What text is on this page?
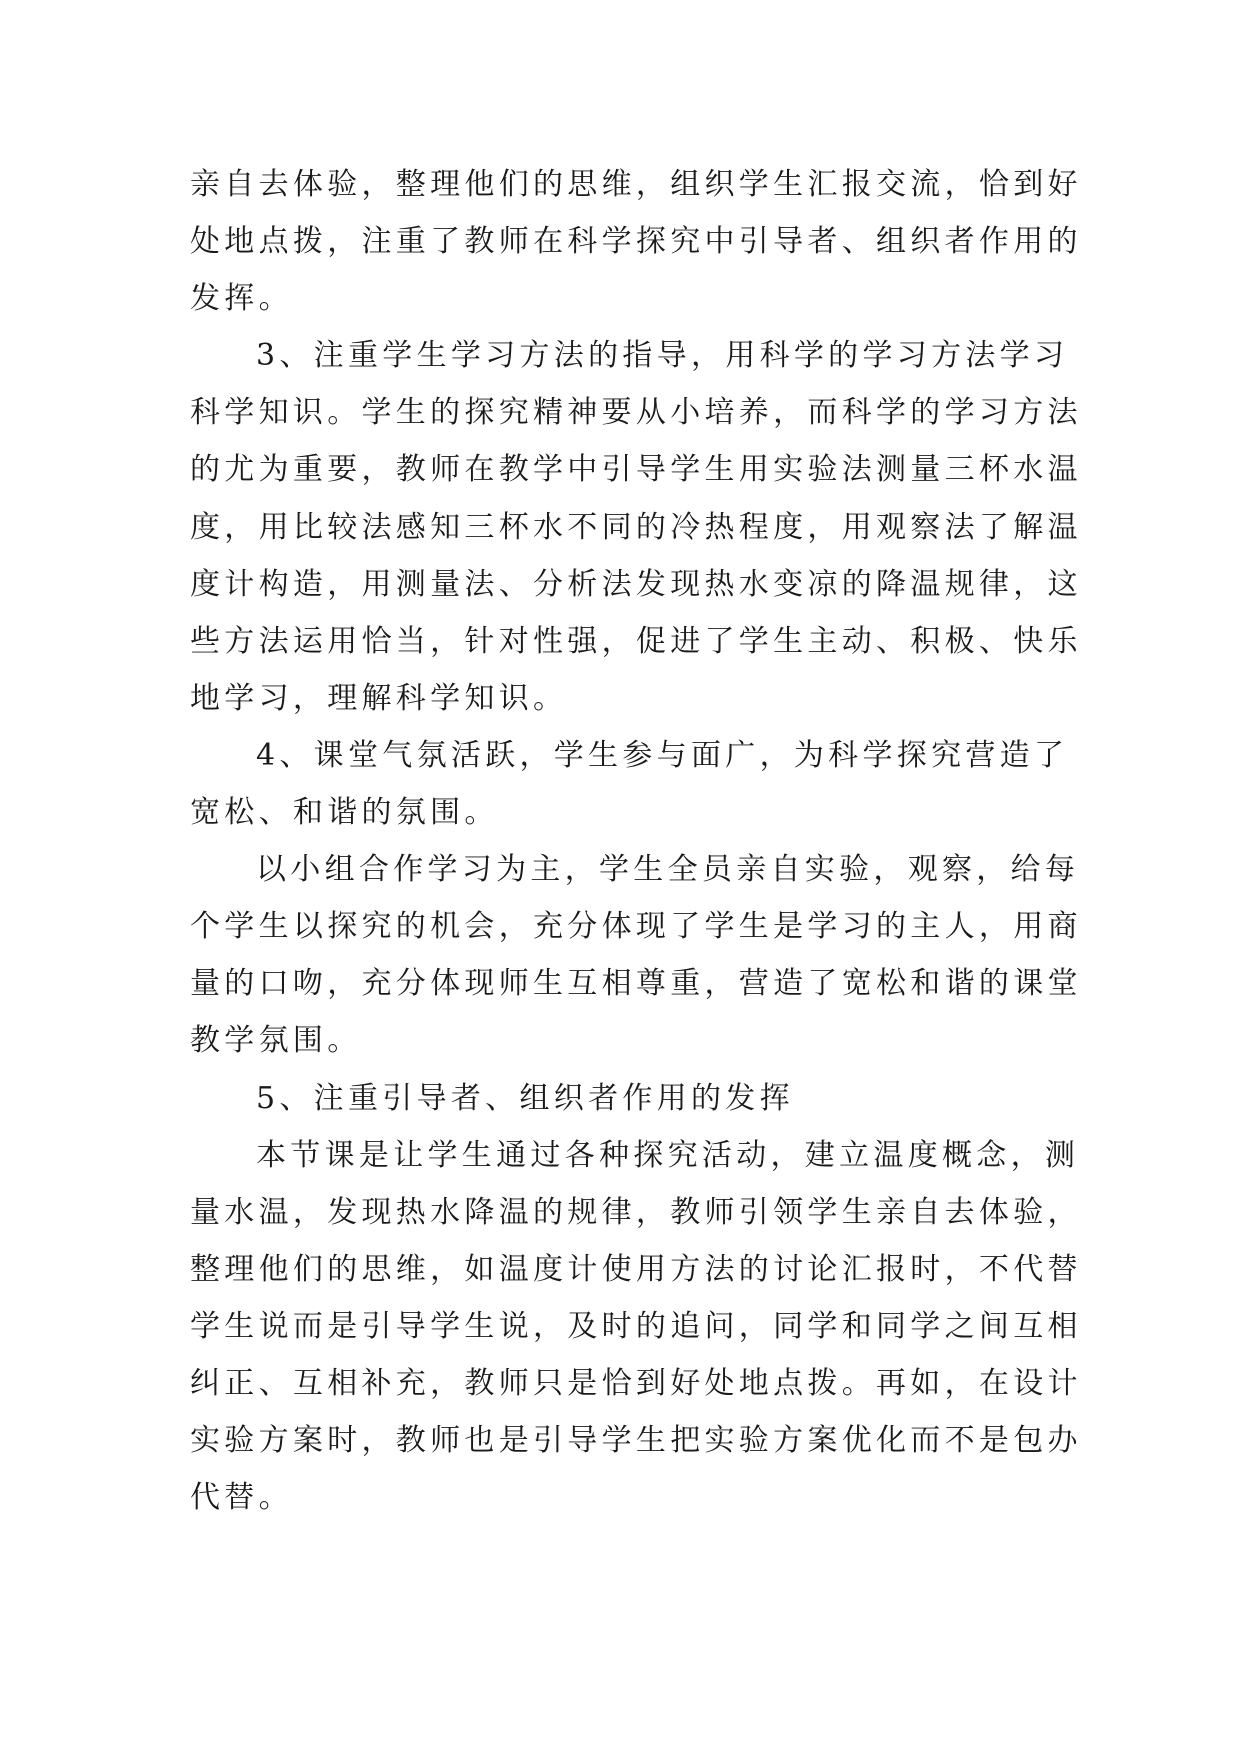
亲自去体验，整理他们的思维，组织学生汇报交流，恰到好
处地点拨，注重了教师在科学探究中引导者、组织者作用的
发挥。
3、注重学生学习方法的指导，用科学的学习方法学习
科学知识。学生的探究精神要从小培养，而科学的学习方法
的尤为重要，教师在教学中引导学生用实验法测量三杯水温
度，用比较法感知三杯水不同的冷热程度，用观察法了解温
度计构造，用测量法、分析法发现热水变凉的降温规律，这
些方法运用恰当，针对性强，促进了学生主动、积极、快乐
地学习，理解科学知识。
4、课堂气氛活跃，学生参与面广，为科学探究营造了
宽松、和谐的氛围。
以小组合作学习为主，学生全员亲自实验，观察，给每
个学生以探究的机会，充分体现了学生是学习的主人，用商
量的口吻，充分体现师生互相尊重，营造了宽松和谐的课堂
教学氛围。
5、注重引导者、组织者作用的发挥
本节课是让学生通过各种探究活动，建立温度概念，测
量水温，发现热水降温的规律，教师引领学生亲自去体验，
整理他们的思维，如温度计使用方法的讨论汇报时，不代替
学生说而是引导学生说，及时的追问，同学和同学之间互相
纠正、互相补充，教师只是恰到好处地点拨。再如，在设计
实验方案时，教师也是引导学生把实验方案优化而不是包办
代替。
